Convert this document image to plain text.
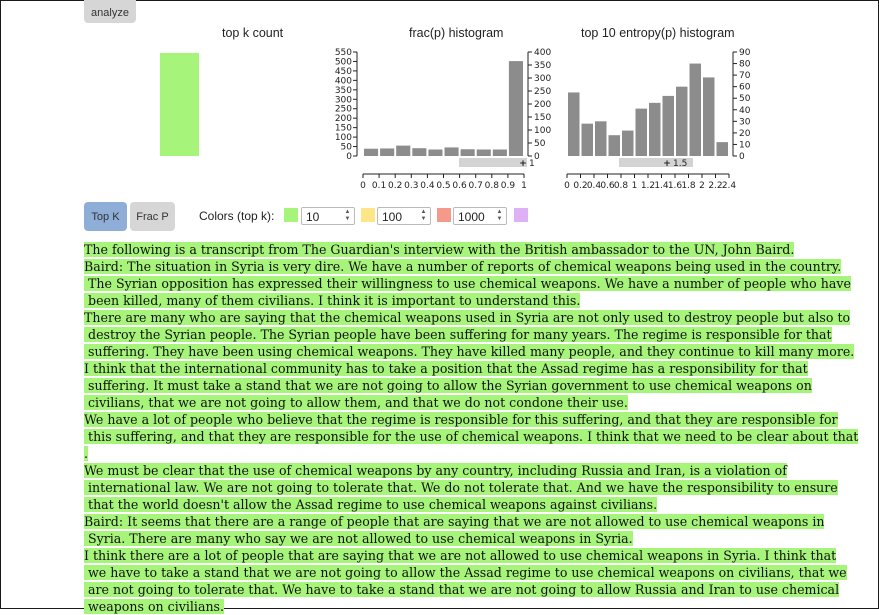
analyze
top k count	frac(p) histogram
0
50
100
150
200
250
300
350
400
450
500
550
0
50
100
150
200
250
300
350
400
+ 1
0 0.1 0.2 0.3 0.4 0.5 0.6 0.7 0.8 0.9 1
top 10 entropy(p) histogram
0
10
20
30
40
50
60
70
80
90
+ 1.5
0 0.2 0.4 0.6 0.8 1 1.2 1.4 1.6 1.8 2 2.2 2.4
Top K	Frac P	Colors (top k):	10	▲
▼	100	▲
▼	1000 ▲
▼
The following is a transcript from The Guardian's interview with the British ambassador to the UN, John Baird.
Baird: The situation in Syria is very dire. We have a number of reports of chemical weapons being used in the country.
The Syrian opposition has expressed their willingness to use chemical weapons. We have a number of people who have
been killed, many of them civilians. I think it is important to understand this.
There are many who are saying that the chemical weapons used in Syria are not only used to destroy people but also to
destroy the Syrian people. The Syrian people have been suffering for many years. The regime is responsible for that
suffering. They have been using chemical weapons. They have killed many people, and they continue to kill many more.
I think that the international community has to take a position that the Assad regime has a responsibility for that
suffering. It must take a stand that we are not going to allow the Syrian government to use chemical weapons on
civilians, that we are not going to allow them, and that we do not condone their use.
We have a lot of people who believe that the regime is responsible for this suffering, and that they are responsible for
this suffering, and that they are responsible for the use of chemical weapons. I think that we need to be clear about that
.
We must be clear that the use of chemical weapons by any country, including Russia and Iran, is a violation of
international law. We are not going to tolerate that. We do not tolerate that. And we have the responsibility to ensure
that the world doesn't allow the Assad regime to use chemical weapons against civilians.
Baird: It seems that there are a range of people that are saying that we are not allowed to use chemical weapons in
Syria. There are many who say we are not allowed to use chemical weapons in Syria.
I think there are a lot of people that are saying that we are not allowed to use chemical weapons in Syria. I think that
we have to take a stand that we are not going to allow the Assad regime to use chemical weapons on civilians, that we
are not going to tolerate that. We have to take a stand that we are not going to allow Russia and Iran to use chemical
weapons on civilians.
